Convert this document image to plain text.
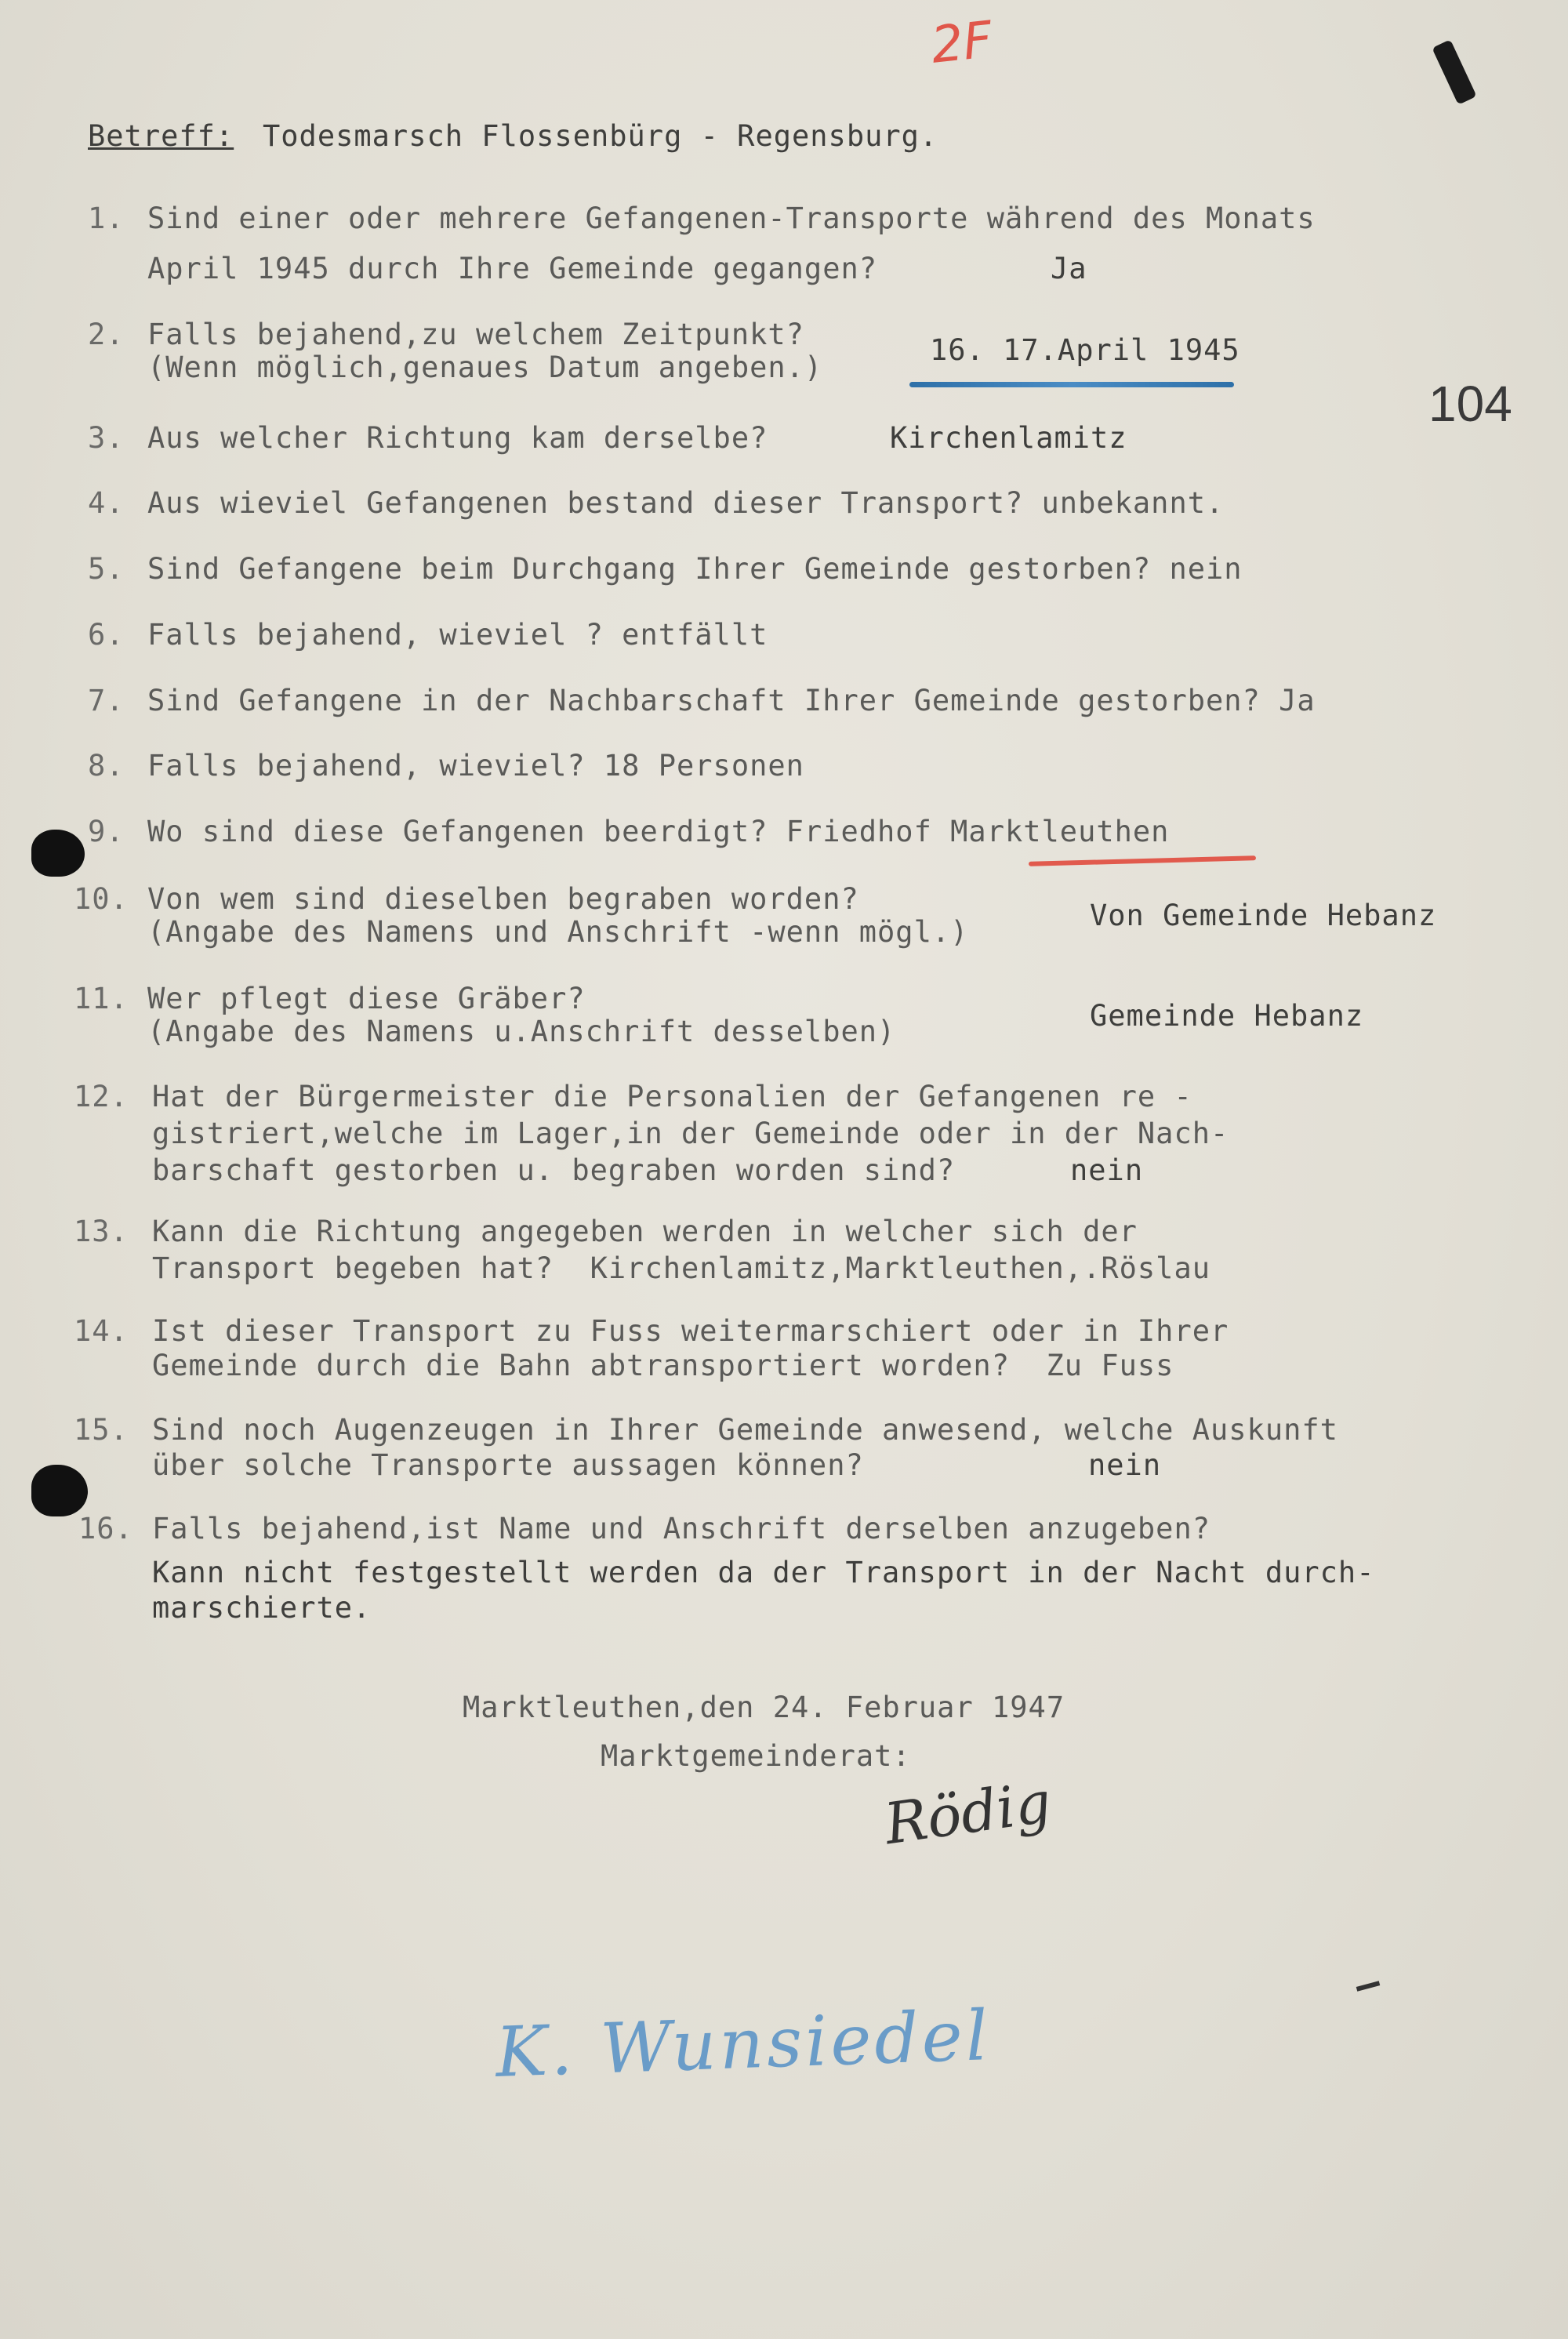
2F

104

Betreff: Todesmarsch Flossenbürg - Regensburg.

1. Sind einer oder mehrere Gefangenen-Transporte während des Monats

April 1945 durch Ihre Gemeinde gegangen?	Ja

2. Falls bejahend,zu welchem Zeitpunkt?

(Wenn möglich,genaues Datum angeben.)

16. 17.April 1945

3. Aus welcher Richtung kam derselbe?	Kirchenlamitz

4. Aus wieviel Gefangenen bestand dieser Transport? unbekannt.

5. Sind Gefangene beim Durchgang Ihrer Gemeinde gestorben? nein

6. Falls bejahend, wieviel ? entfällt

7. Sind Gefangene in der Nachbarschaft Ihrer Gemeinde gestorben? Ja

8. Falls bejahend, wieviel? 18 Personen

9. Wo sind diese Gefangenen beerdigt? Friedhof Marktleuthen

10. Von wem sind dieselben begraben worden?

(Angabe des Namens und Anschrift -wenn mögl.)	Von Gemeinde Hebanz

11. Wer pflegt diese Gräber?

(Angabe des Namens u.Anschrift desselben)	Gemeinde Hebanz

12. Hat der Bürgermeister die Personalien der Gefangenen re -

gistriert,welche im Lager,in der Gemeinde oder in der Nach-

barschaft gestorben u. begraben worden sind?	nein

13. Kann die Richtung angegeben werden in welcher sich der

Transport begeben hat?  Kirchenlamitz,Marktleuthen,.Röslau

14. Ist dieser Transport zu Fuss weitermarschiert oder in Ihrer

Gemeinde durch die Bahn abtransportiert worden?  Zu Fuss

15. Sind noch Augenzeugen in Ihrer Gemeinde anwesend, welche Auskunft

über solche Transporte aussagen können?	nein

16. Falls bejahend,ist Name und Anschrift derselben anzugeben?

Kann nicht festgestellt werden da der Transport in der Nacht durch-

marschierte.

Marktleuthen,den 24. Februar 1947

Marktgemeinderat:

Rödig

K. Wunsiedel
